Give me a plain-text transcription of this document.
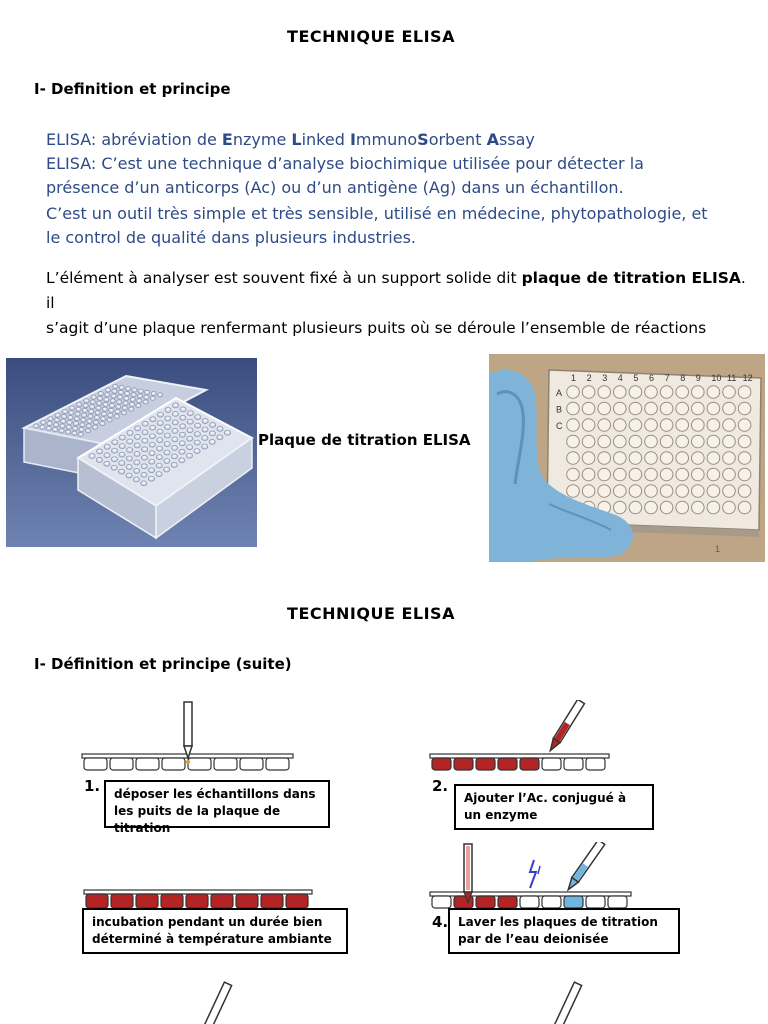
TECHNIQUE ELISA
I- Definition et principe
ELISA: abréviation de Enzyme Linked ImmunoSorbent Assay
ELISA: C’est une technique d’analyse biochimique utilisée pour détecter la
présence d’un anticorps (Ac) ou d’un antigène (Ag) dans un échantillon.
C’est un outil très simple et très sensible, utilisé en médecine, phytopathologie, et
le control de qualité dans plusieurs industries.
L’élément à analyser est souvent fixé à un support solide dit plaque de titration ELISA. il
s’agit d’une plaque renfermant plusieurs puits où se déroule l’ensemble de réactions
Plaque de titration ELISA
1 2 3 4 5 6 7 8 9 10 11 12
A
B
C
1
TECHNIQUE ELISA
I- Définition et principe (suite)
1.	déposer les échantillons dans les puits de la plaque de titration
2.
Ajouter l’Ac. conjugué à un enzyme
incubation pendant un durée bien déterminé à température ambiante
4. Laver les plaques de titration par de l’eau deionisée
